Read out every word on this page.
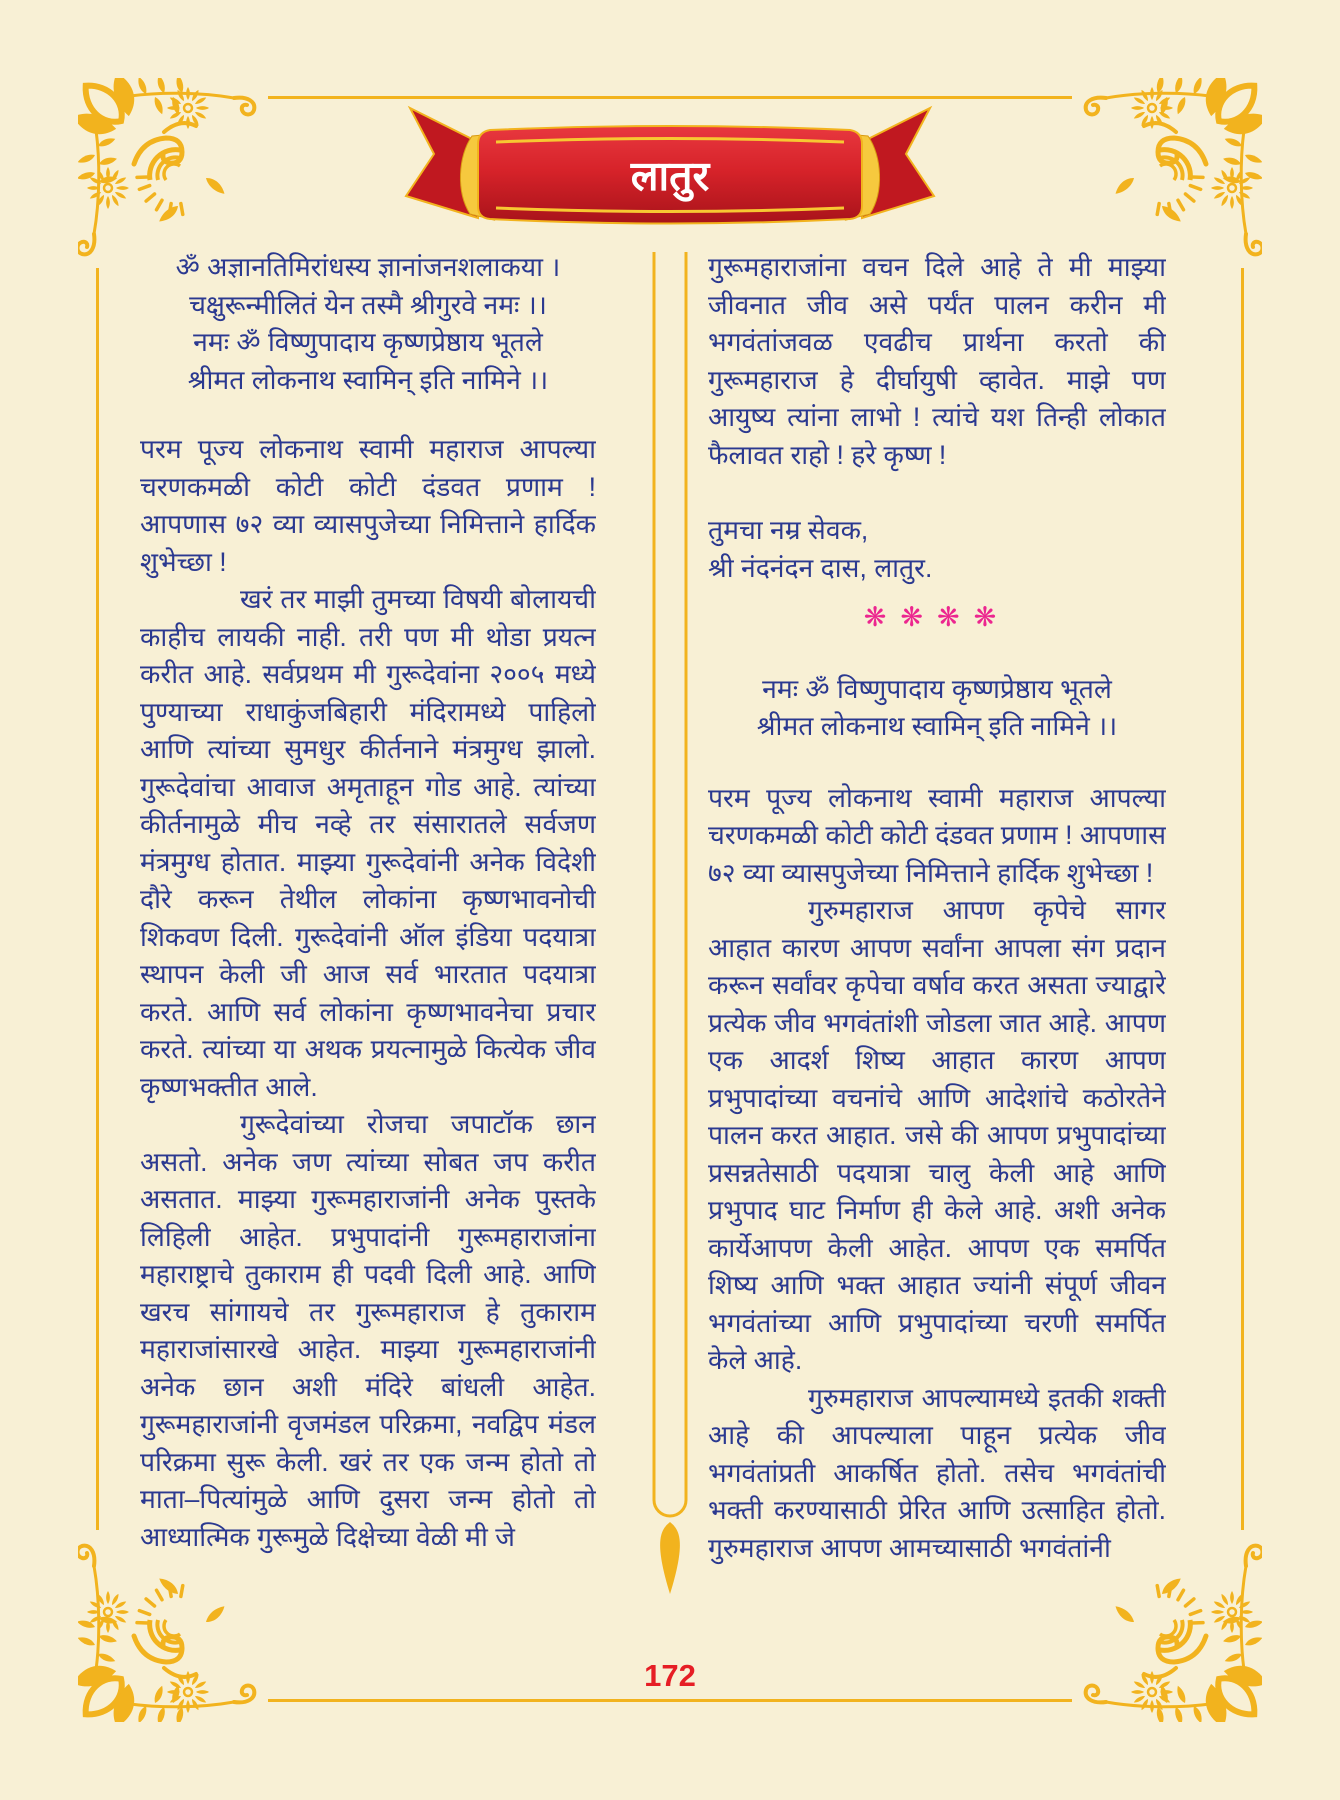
लातुर
ॐ अज्ञानतिमिरांधस्य ज्ञानांजनशलाकया ।
चक्षुरून्मीलितं येन तस्मै श्रीगुरवे नमः ।।
नमः ॐ विष्णुपादाय कृष्णप्रेष्ठाय भूतले
श्रीमत लोकनाथ स्वामिन् इति नामिने ।।

परम पूज्य लोकनाथ स्वामी महाराज आपल्या चरणकमळी कोटी कोटी दंडवत प्रणाम ! आपणास ७२ व्या व्यासपुजेच्या निमित्ताने हार्दिक शुभेच्छा !

खरं तर माझी तुमच्या विषयी बोलायची काहीच लायकी नाही. तरी पण मी थोडा प्रयत्न करीत आहे. सर्वप्रथम मी गुरूदेवांना २००५ मध्ये पुण्याच्या राधाकुंजबिहारी मंदिरामध्ये पाहिलो आणि त्यांच्या सुमधुर कीर्तनाने मंत्रमुग्ध झालो. गुरूदेवांचा आवाज अमृताहून गोड आहे. त्यांच्या कीर्तनामुळे मीच नव्हे तर संसारातले सर्वजण मंत्रमुग्ध होतात. माझ्या गुरूदेवांनी अनेक विदेशी दौरे करून तेथील लोकांना कृष्णभावनोची शिकवण दिली. गुरूदेवांनी ऑल इंडिया पदयात्रा स्थापन केली जी आज सर्व भारतात पदयात्रा करते. आणि सर्व लोकांना कृष्णभावनेचा प्रचार करते. त्यांच्या या अथक प्रयत्नामुळे कित्येक जीव कृष्णभक्तीत आले.

गुरूदेवांच्या रोजचा जपाटॉक छान असतो. अनेक जण त्यांच्या सोबत जप करीत असतात. माझ्या गुरूमहाराजांनी अनेक पुस्तके लिहिली आहेत. प्रभुपादांनी गुरूमहाराजांना महाराष्ट्राचे तुकाराम ही पदवी दिली आहे. आणि खरच सांगायचे तर गुरूमहाराज हे तुकाराम महाराजांसारखे आहेत. माझ्या गुरूमहाराजांनी अनेक छान अशी मंदिरे बांधली आहेत. गुरूमहाराजांनी वृजमंडल परिक्रमा, नवद्विप मंडल परिक्रमा सुरू केली. खरं तर एक जन्म होतो तो माता–पित्यांमुळे आणि दुसरा जन्म होतो तो आध्यात्मिक गुरूमुळे दिक्षेच्या वेळी मी जे

गुरूमहाराजांना वचन दिले आहे ते मी माझ्या जीवनात जीव असे पर्यंत पालन करीन मी भगवंतांजवळ एवढीच प्रार्थना करतो की गुरूमहाराज हे दीर्घायुषी व्हावेत. माझे पण आयुष्य त्यांना लाभो ! त्यांचे यश तिन्ही लोकात फैलावत राहो ! हरे कृष्ण !

तुमचा नम्र सेवक,

श्री नंदनंदन दास, लातुर.

❋❋❋❋
नमः ॐ विष्णुपादाय कृष्णप्रेष्ठाय भूतले
श्रीमत लोकनाथ स्वामिन् इति नामिने ।।

परम पूज्य लोकनाथ स्वामी महाराज आपल्या चरणकमळी कोटी कोटी दंडवत प्रणाम ! आपणास ७२ व्या व्यासपुजेच्या निमित्ताने हार्दिक शुभेच्छा !

गुरुमहाराज आपण कृपेचे सागर आहात कारण आपण सर्वांना आपला संग प्रदान करून सर्वांवर कृपेचा वर्षाव करत असता ज्याद्वारे प्रत्येक जीव भगवंतांशी जोडला जात आहे. आपण एक आदर्श शिष्य आहात कारण आपण प्रभुपादांच्या वचनांचे आणि आदेशांचे कठोरतेने पालन करत आहात. जसे की आपण प्रभुपादांच्या प्रसन्नतेसाठी पदयात्रा चालु केली आहे आणि प्रभुपाद घाट निर्माण ही केले आहे. अशी अनेक कार्येआपण केली आहेत. आपण एक समर्पित शिष्य आणि भक्त आहात ज्यांनी संपूर्ण जीवन भगवंतांच्या आणि प्रभुपादांच्या चरणी समर्पित केले आहे.

गुरुमहाराज आपल्यामध्ये इतकी शक्ती आहे की आपल्याला पाहून प्रत्येक जीव भगवंतांप्रती आकर्षित होतो. तसेच भगवंतांची भक्ती करण्यासाठी प्रेरित आणि उत्साहित होतो. गुरुमहाराज आपण आमच्यासाठी भगवंतांनी

172
